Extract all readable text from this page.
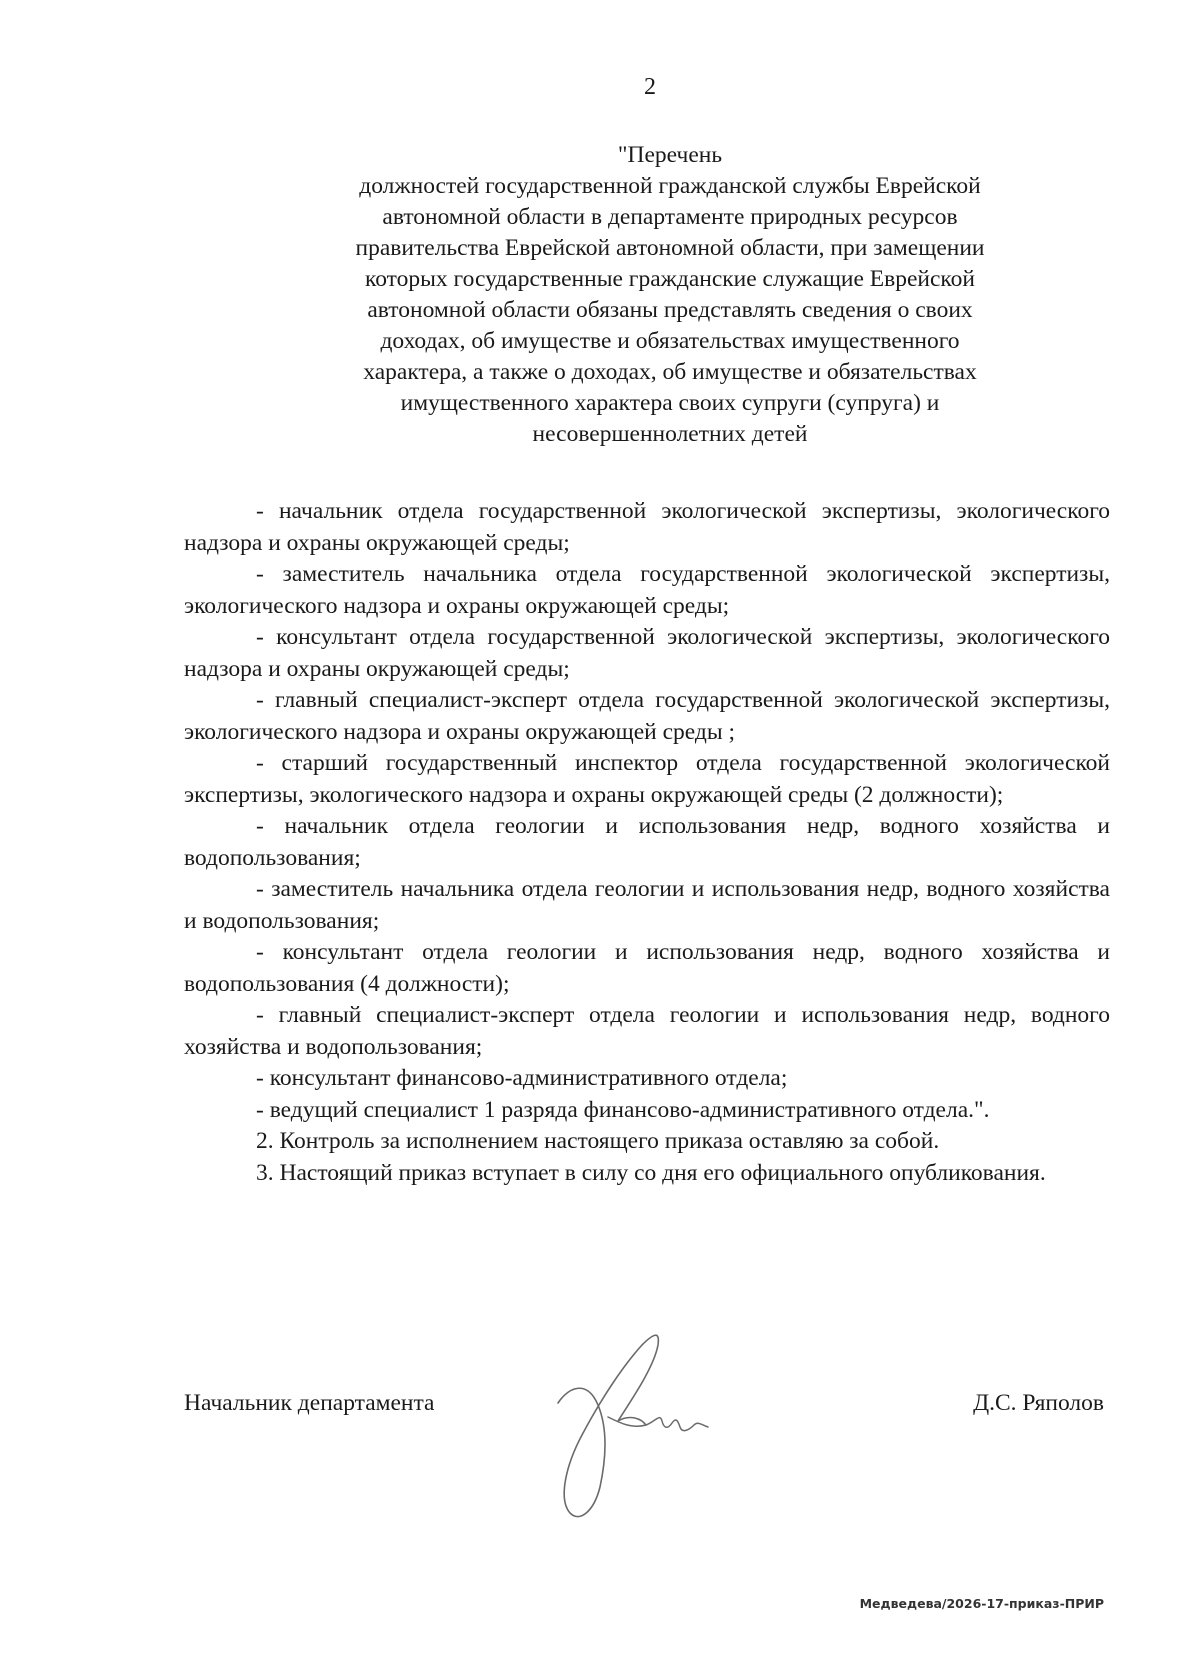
2
"Перечень
должностей государственной гражданской службы Еврейской
автономной области в департаменте природных ресурсов
правительства Еврейской автономной области, при замещении
которых государственные гражданские служащие Еврейской
автономной области обязаны представлять сведения о своих
доходах, об имуществе и обязательствах имущественного
характера, а также о доходах, об имуществе и обязательствах
имущественного характера своих супруги (супруга) и
несовершеннолетних детей

- начальник отдела государственной экологической экспертизы, экологического надзора и охраны окружающей среды;

- заместитель начальника отдела государственной экологической экспертизы, экологического надзора и охраны окружающей среды;

- консультант отдела государственной экологической экспертизы, экологического надзора и охраны окружающей среды;

- главный специалист-эксперт отдела государственной экологической экспертизы, экологического надзора и охраны окружающей среды ;

- старший государственный инспектор отдела государственной экологической экспертизы, экологического надзора и охраны окружающей среды (2 должности);

- начальник отдела геологии и использования недр, водного хозяйства и водопользования;

- заместитель начальника отдела геологии и использования недр, водного хозяйства и водопользования;

- консультант отдела геологии и использования недр, водного хозяйства и водопользования (4 должности);

- главный специалист-эксперт отдела геологии и использования недр, водного хозяйства и водопользования;

- консультант финансово-административного отдела;

- ведущий специалист 1 разряда финансово-административного отдела.".

2. Контроль за исполнением настоящего приказа оставляю за собой.

3. Настоящий приказ вступает в силу со дня его официального опубликования.

Начальник департамента	Д.С. Ряполов
Медведева/2026-17-приказ-ПРИР
